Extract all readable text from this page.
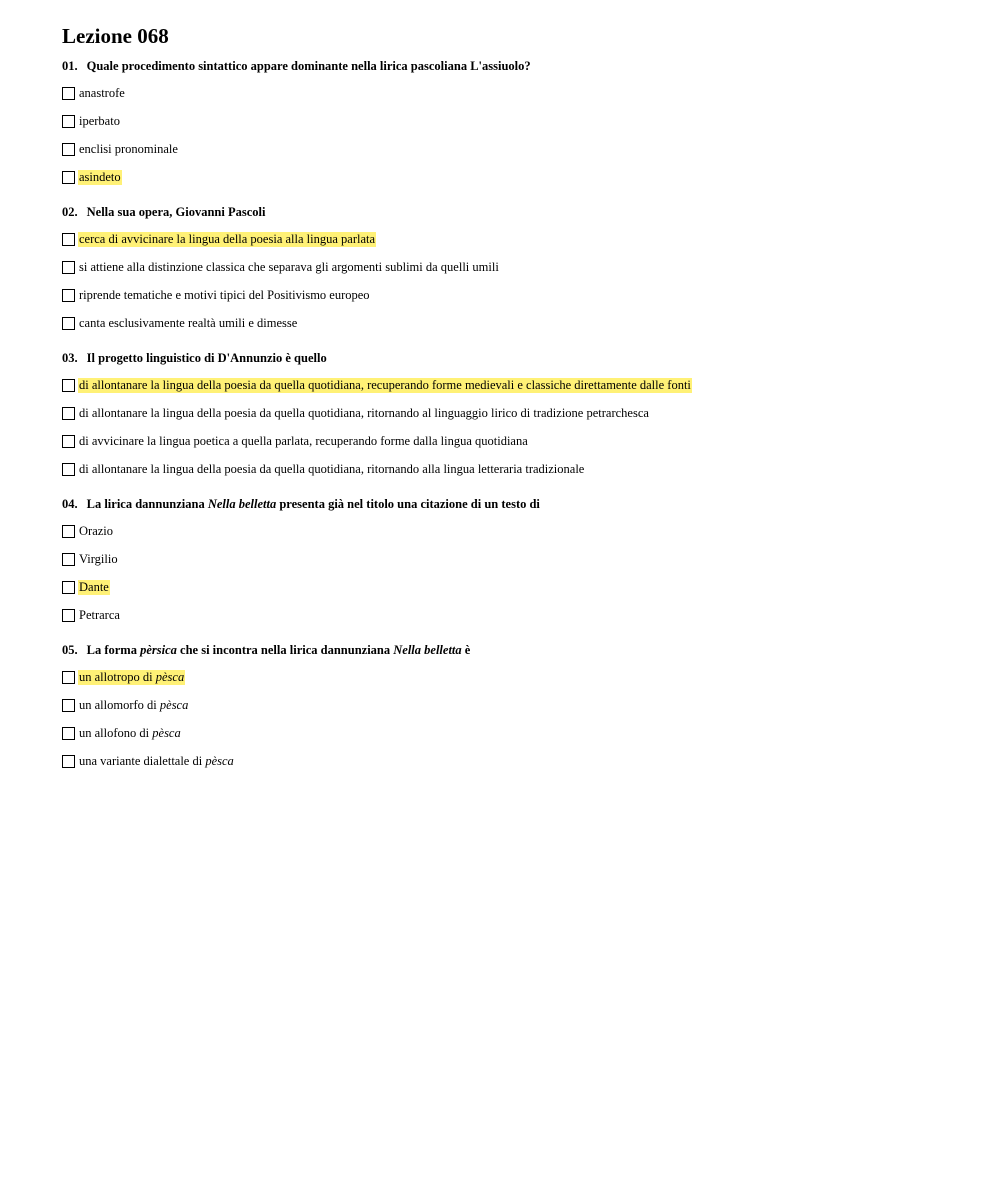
Lezione 068
01. Quale procedimento sintattico appare dominante nella lirica pascoliana L'assiuolo?
anastrofe
iperbato
enclisi pronominale
asindeto
02. Nella sua opera, Giovanni Pascoli
cerca di avvicinare la lingua della poesia alla lingua parlata
si attiene alla distinzione classica che separava gli argomenti sublimi da quelli umili
riprende tematiche e motivi tipici del Positivismo europeo
canta esclusivamente realtà umili e dimesse
03. Il progetto linguistico di D'Annunzio è quello
di allontanare la lingua della poesia da quella quotidiana, recuperando forme medievali e classiche direttamente dalle fonti
di allontanare la lingua della poesia da quella quotidiana, ritornando al linguaggio lirico di tradizione petrarchesca
di avvicinare la lingua poetica a quella parlata, recuperando forme dalla lingua quotidiana
di allontanare la lingua della poesia da quella quotidiana, ritornando alla lingua letteraria tradizionale
04. La lirica dannunziana Nella belletta presenta già nel titolo una citazione di un testo di
Orazio
Virgilio
Dante
Petrarca
05. La forma pèrsica che si incontra nella lirica dannunziana Nella belletta è
un allotropo di pèsca
un allomorfo di pèsca
un allofono di pèsca
una variante dialettale di pèsca
